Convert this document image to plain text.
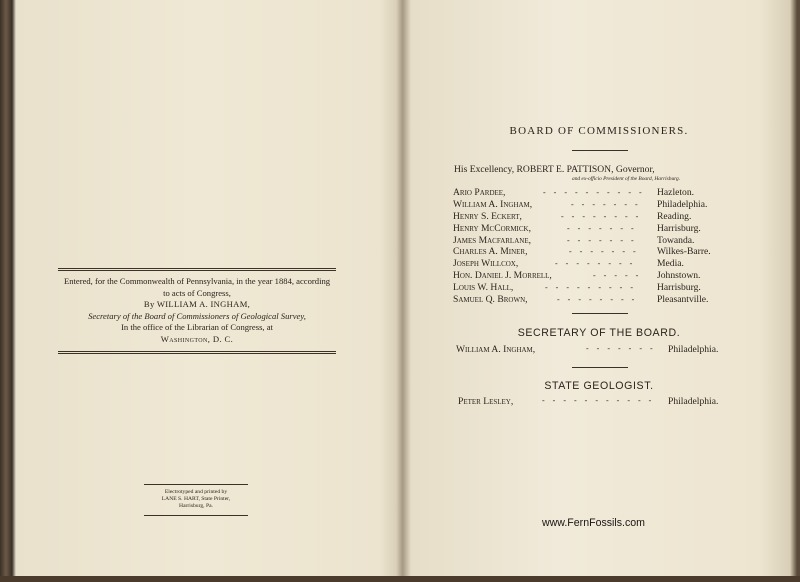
Entered, for the Commonwealth of Pennsylvania, in the year 1884, according
to acts of Congress,
By WILLIAM A. INGHAM,
Secretary of the Board of Commissioners of Geological Survey,
In the office of the Librarian of Congress, at
Washington, D. C.
Electrotyped and printed by
LANE S. HART, State Printer,
Harrisburg, Pa.
BOARD OF COMMISSIONERS.
His Excellency, ROBERT E. PATTISON, Governor,
and ex-officio President of the Board, Harrisburg.
Ario Pardee,	- - - - - - - - - - Hazleton.
William A. Ingham,	- - - - - - - Philadelphia.
Henry S. Eckert,	- - - - - - - - Reading.
Henry McCormick,	- - - - - - - Harrisburg.
James Macfarlane,	- - - - - - - Towanda.
Charles A. Miner,	- - - - - - - Wilkes-Barre.
Joseph Willcox,	- - - - - - - - Media.
Hon. Daniel J. Morrell,	- - - - - Johnstown.
Louis W. Hall,	- - - - - - - - - Harrisburg.
Samuel Q. Brown,	- - - - - - - - Pleasantville.
SECRETARY OF THE BOARD.
William A. Ingham,	- - - - - - - Philadelphia.
STATE GEOLOGIST.
Peter Lesley,	- - - - - - - - - - - Philadelphia.
www.FernFossils.com
